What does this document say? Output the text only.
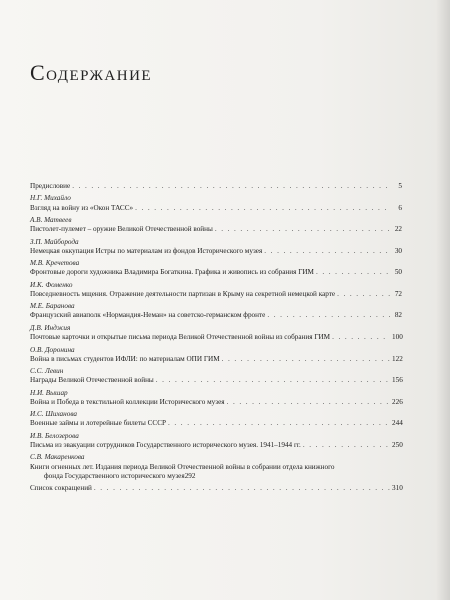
Содержание
Предисловие . . .	5
Н.Г. Михайло
Взгляд на войну из «Окон ТАСС» . . .	6
А.В. Матвеев
Пистолет-пулемет – оружие Великой Отечественной войны . . .	22
З.П. Майборода
Немецкая оккупация Истры по материалам из фондов Исторического музея . . .	30
М.В. Кречетова
Фронтовые дороги художника Владимира Богаткина. Графика и живопись из собрания ГИМ . . .	50
И.К. Фоменко
Повседневность мщения. Отражение деятельности партизан в Крыму на секретной немецкой карте . . .	72
М.Е. Баранова
Французский авиаполк «Нормандия-Неман» на советско-германском фронте . . .	82
Д.В. Инджия
Почтовые карточки и открытые письма периода Великой Отечественной войны из собрания ГИМ . . .	100
О.В. Доронина
Война в письмах студентов ИФЛИ: по материалам ОПИ ГИМ . . .	122
С.С. Левин
Награды Великой Отечественной войны . . .	156
Н.И. Вышар
Война и Победа в текстильной коллекции Исторического музея . . .	226
И.С. Шиханова
Военные займы и лотерейные билеты СССР . . .	244
И.В. Белозерова
Письма из эвакуации сотрудников Государственного исторического музея. 1941–1944 гг. . . .	250
С.В. Макаренкова
Книги огненных лет. Издания периода Великой Отечественной войны в собрании отдела книжного
фонда Государственного исторического музея 292
Список сокращений . . .	310
